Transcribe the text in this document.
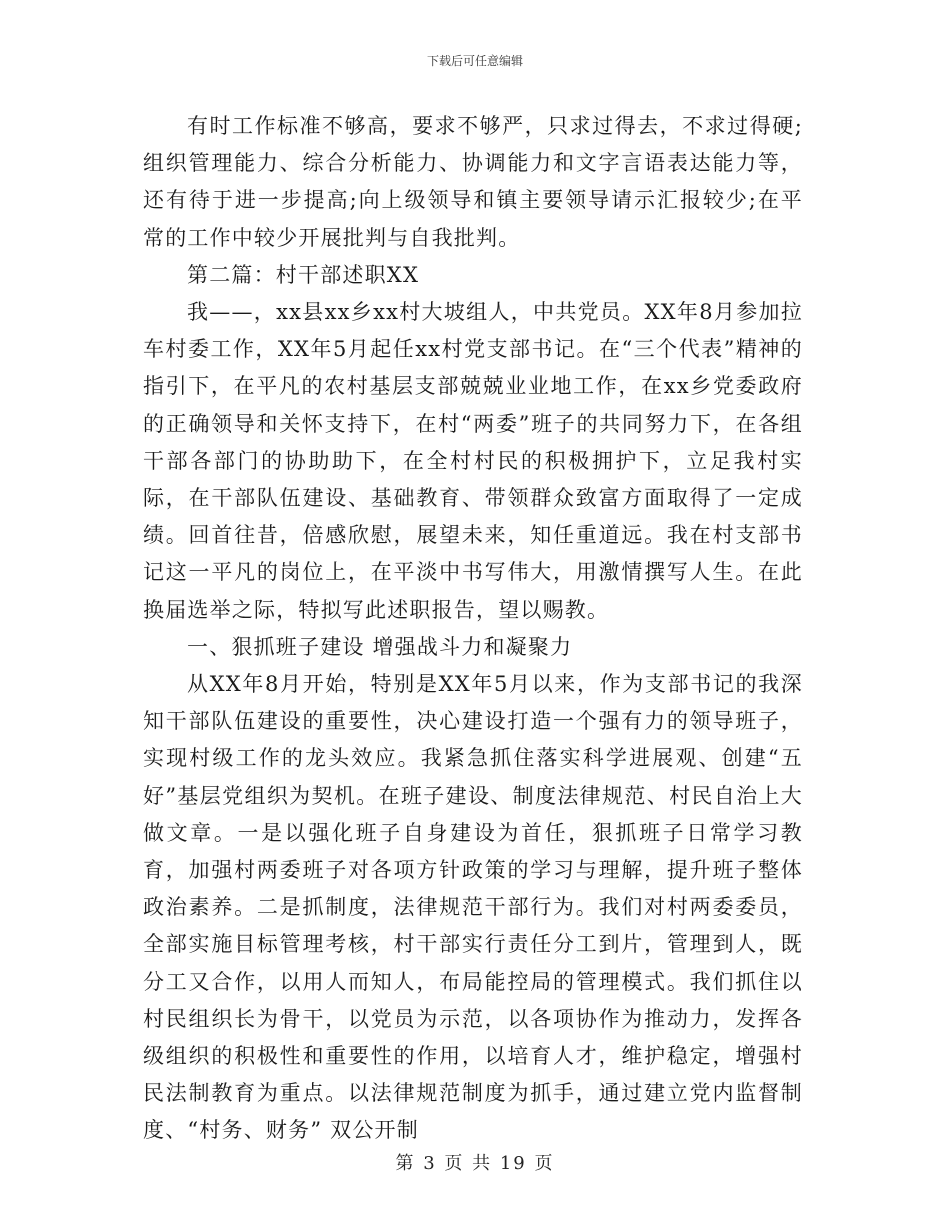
下载后可任意编辑

有时工作标准不够高，要求不够严，只求过得去，不求过得硬;组织管理能力、综合分析能力、协调能力和文字言语表达能力等，还有待于进一步提高;向上级领导和镇主要领导请示汇报较少;在平常的工作中较少开展批判与自我批判。

第二篇：村干部述职XX

我——，xx县xx乡xx村大坡组人，中共党员。XX年8月参加拉车村委工作，XX年5月起任xx村党支部书记。在“三个代表”精神的指引下，在平凡的农村基层支部兢兢业业地工作，在xx乡党委政府的正确领导和关怀支持下，在村“两委”班子的共同努力下，在各组干部各部门的协助助下，在全村村民的积极拥护下，立足我村实际，在干部队伍建设、基础教育、带领群众致富方面取得了一定成绩。回首往昔，倍感欣慰，展望未来，知任重道远。我在村支部书记这一平凡的岗位上，在平淡中书写伟大，用激情撰写人生。在此换届选举之际，特拟写此述职报告，望以赐教。

一、狠抓班子建设 增强战斗力和凝聚力

从XX年8月开始，特别是XX年5月以来，作为支部书记的我深知干部队伍建设的重要性，决心建设打造一个强有力的领导班子，实现村级工作的龙头效应。我紧急抓住落实科学进展观、创建“五好”基层党组织为契机。在班子建设、制度法律规范、村民自治上大做文章。一是以强化班子自身建设为首任，狠抓班子日常学习教育，加强村两委班子对各项方针政策的学习与理解，提升班子整体政治素养。二是抓制度，法律规范干部行为。我们对村两委委员，全部实施目标管理考核，村干部实行责任分工到片，管理到人，既分工又合作，以用人而知人，布局能控局的管理模式。我们抓住以村民组织长为骨干，以党员为示范，以各项协作为推动力，发挥各级组织的积极性和重要性的作用，以培育人才，维护稳定，增强村民法制教育为重点。以法律规范制度为抓手，通过建立党内监督制度、“村务、财务” 双公开制

第 3 页 共 19 页
